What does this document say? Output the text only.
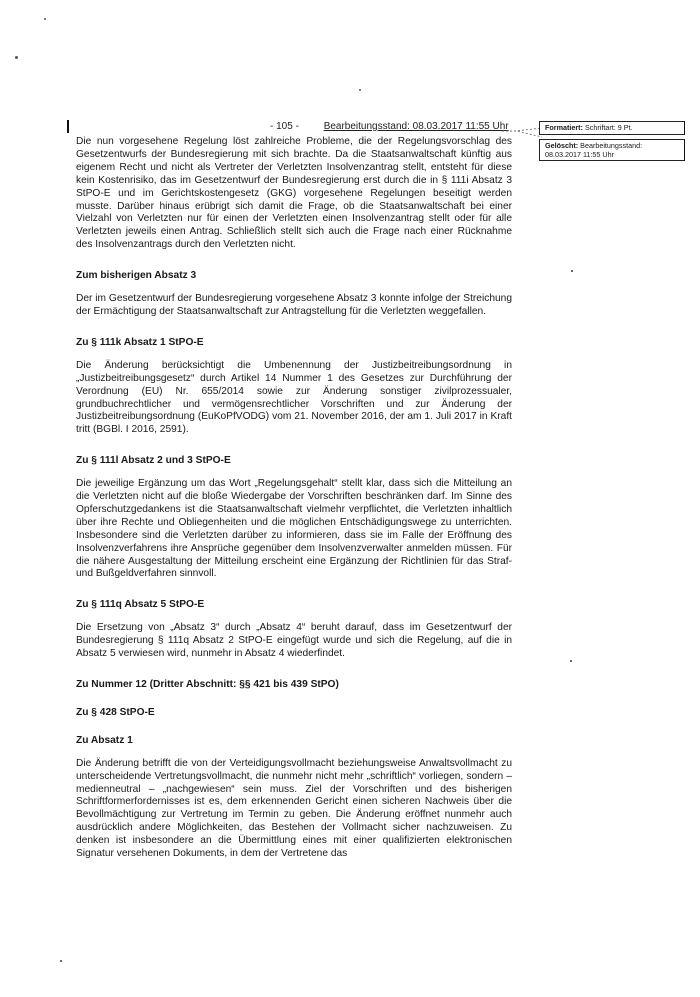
- 105 - Bearbeitungsstand: 08.03.2017 11:55 Uhr	Formatiert: Schriftart: 9 Pt.
Gelöscht: Bearbeitungsstand: 08.03.2017 11:55 Uhr

Die nun vorgesehene Regelung löst zahlreiche Probleme, die der Regelungsvorschlag des Gesetzentwurfs der Bundesregierung mit sich brachte. Da die Staatsanwaltschaft künftig aus eigenem Recht und nicht als Vertreter der Verletzten Insolvenzantrag stellt, entsteht für diese kein Kostenrisiko, das im Gesetzentwurf der Bundesregierung erst durch die in § 111i Absatz 3 StPO-E und im Gerichtskostengesetz (GKG) vorgesehene Regelungen beseitigt werden musste. Darüber hinaus erübrigt sich damit die Frage, ob die Staatsanwaltschaft bei einer Vielzahl von Verletzten nur für einen der Verletzten einen Insolvenzantrag stellt oder für alle Verletzten jeweils einen Antrag. Schließlich stellt sich auch die Frage nach einer Rücknahme des Insolvenzantrags durch den Verletzten nicht.

Zum bisherigen Absatz 3

Der im Gesetzentwurf der Bundesregierung vorgesehene Absatz 3 konnte infolge der Streichung der Ermächtigung der Staatsanwaltschaft zur Antragstellung für die Verletzten weggefallen.

Zu § 111k Absatz 1 StPO-E

Die Änderung berücksichtigt die Umbenennung der Justizbeitreibungsordnung in „Justizbeitreibungsgesetz“ durch Artikel 14 Nummer 1 des Gesetzes zur Durchführung der Verordnung (EU) Nr. 655/2014 sowie zur Änderung sonstiger zivilprozessualer, grundbuchrechtlicher und vermögensrechtlicher Vorschriften und zur Änderung der Justizbeitreibungsordnung (EuKoPfVODG) vom 21. November 2016, der am 1. Juli 2017 in Kraft tritt (BGBl. I 2016, 2591).

Zu § 111l Absatz 2 und 3 StPO-E

Die jeweilige Ergänzung um das Wort „Regelungsgehalt“ stellt klar, dass sich die Mitteilung an die Verletzten nicht auf die bloße Wiedergabe der Vorschriften beschränken darf. Im Sinne des Opferschutzgedankens ist die Staatsanwaltschaft vielmehr verpflichtet, die Verletzten inhaltlich über ihre Rechte und Obliegenheiten und die möglichen Entschädigungswege zu unterrichten. Insbesondere sind die Verletzten darüber zu informieren, dass sie im Falle der Eröffnung des Insolvenzverfahrens ihre Ansprüche gegenüber dem Insolvenzverwalter anmelden müssen. Für die nähere Ausgestaltung der Mitteilung erscheint eine Ergänzung der Richtlinien für das Straf- und Bußgeldverfahren sinnvoll.

Zu § 111q Absatz 5 StPO-E

Die Ersetzung von „Absatz 3“ durch „Absatz 4“ beruht darauf, dass im Gesetzentwurf der Bundesregierung § 111q Absatz 2 StPO-E eingefügt wurde und sich die Regelung, auf die in Absatz 5 verwiesen wird, nunmehr in Absatz 4 wiederfindet.

Zu Nummer 12 (Dritter Abschnitt: §§ 421 bis 439 StPO)
Zu § 428 StPO-E
Zu Absatz 1

Die Änderung betrifft die von der Verteidigungsvollmacht beziehungsweise Anwaltsvollmacht zu unterscheidende Vertretungsvollmacht, die nunmehr nicht mehr „schriftlich“ vorliegen, sondern – medienneutral – „nachgewiesen“ sein muss. Ziel der Vorschriften und des bisherigen Schriftformerfordernisses ist es, dem erkennenden Gericht einen sicheren Nachweis über die Bevollmächtigung zur Vertretung im Termin zu geben. Die Änderung eröffnet nunmehr auch ausdrücklich andere Möglichkeiten, das Bestehen der Vollmacht sicher nachzuweisen. Zu denken ist insbesondere an die Übermittlung eines mit einer qualifizierten elektronischen Signatur versehenen Dokuments, in dem der Vertretene das
